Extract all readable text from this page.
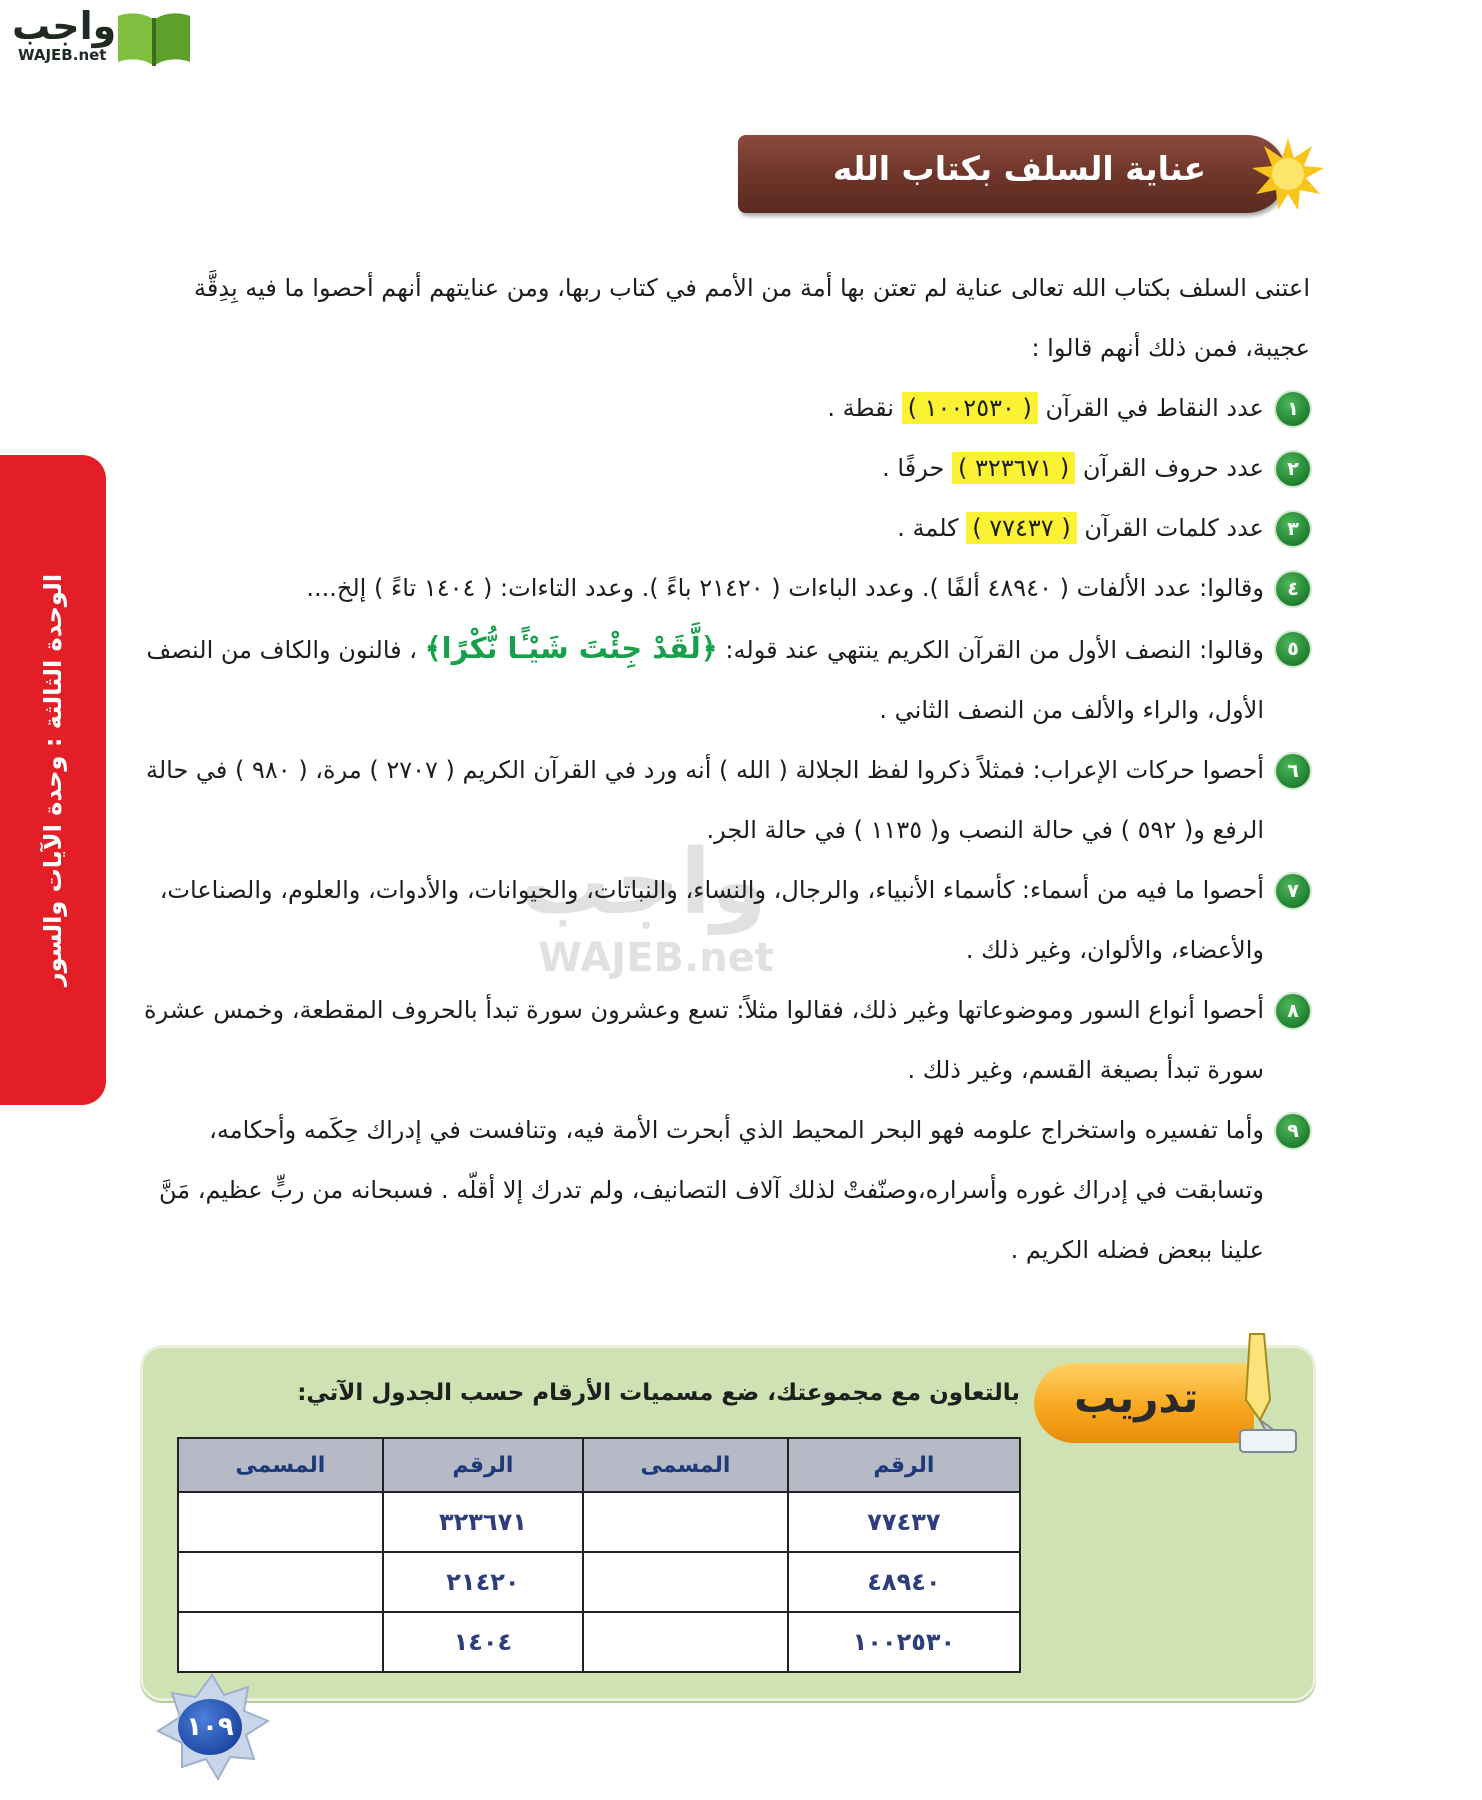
واجب
WAJEB.net
عناية السلف بكتاب الله
الوحدة الثالثة : وحدة الآيات والسور	واجب
WAJEB.net

اعتنى السلف بكتاب الله تعالى عناية لم تعتن بها أمة من الأمم في كتاب ربها، ومن عنايتهم أنهم أحصوا ما فيه بِدِقَّة عجيبة، فمن ذلك أنهم قالوا :

١
عدد النقاط في القرآن ( ١٠٠٢٥٣٠ ) نقطة .

٢
عدد حروف القرآن ( ٣٢٣٦٧١ ) حرفًا .

٣
عدد كلمات القرآن ( ٧٧٤٣٧ ) كلمة .

٤
وقالوا: عدد الألفات ( ٤٨٩٤٠ ألفًا ). وعدد الباءات ( ٢١٤٢٠ باءً ). وعدد التاءات: ( ١٤٠٤ تاءً ) إلخ....

٥
وقالوا: النصف الأول من القرآن الكريم ينتهي عند قوله: ﴿لَّقَدْ جِئْتَ شَيْـًٔا نُّكْرًا﴾ ، فالنون والكاف من النصف الأول، والراء والألف من النصف الثاني .

٦
أحصوا حركات الإعراب: فمثلاً ذكروا لفظ الجلالة ( الله ) أنه ورد في القرآن الكريم ( ٢٧٠٧ ) مرة، ( ٩٨٠ ) في حالة الرفع و( ٥٩٢ ) في حالة النصب و( ١١٣٥ ) في حالة الجر.

٧
أحصوا ما فيه من أسماء: كأسماء الأنبياء، والرجال، والنساء، والنباتات، والحيوانات، والأدوات، والعلوم، والصناعات، والأعضاء، والألوان، وغير ذلك .

٨
أحصوا أنواع السور وموضوعاتها وغير ذلك، فقالوا مثلاً: تسع وعشرون سورة تبدأ بالحروف المقطعة، وخمس عشرة سورة تبدأ بصيغة القسم، وغير ذلك .

٩
وأما تفسيره واستخراج علومه فهو البحر المحيط الذي أبحرت الأمة فيه، وتنافست في إدراك حِكَمه وأحكامه، وتسابقت في إدراك غوره وأسراره،وصنّفتْ لذلك آلاف التصانيف، ولم تدرك إلا أقلّه . فسبحانه من ربٍّ عظيم، مَنَّ علينا ببعض فضله الكريم .

تدريب
بالتعاون مع مجموعتك، ضع مسميات الأرقام حسب الجدول الآتي:
الرقم	المسمى	الرقم	المسمى
٧٧٤٣٧		٣٢٣٦٧١	
٤٨٩٤٠		٢١٤٢٠	
١٠٠٢٥٣٠		١٤٠٤	
١٠٩
